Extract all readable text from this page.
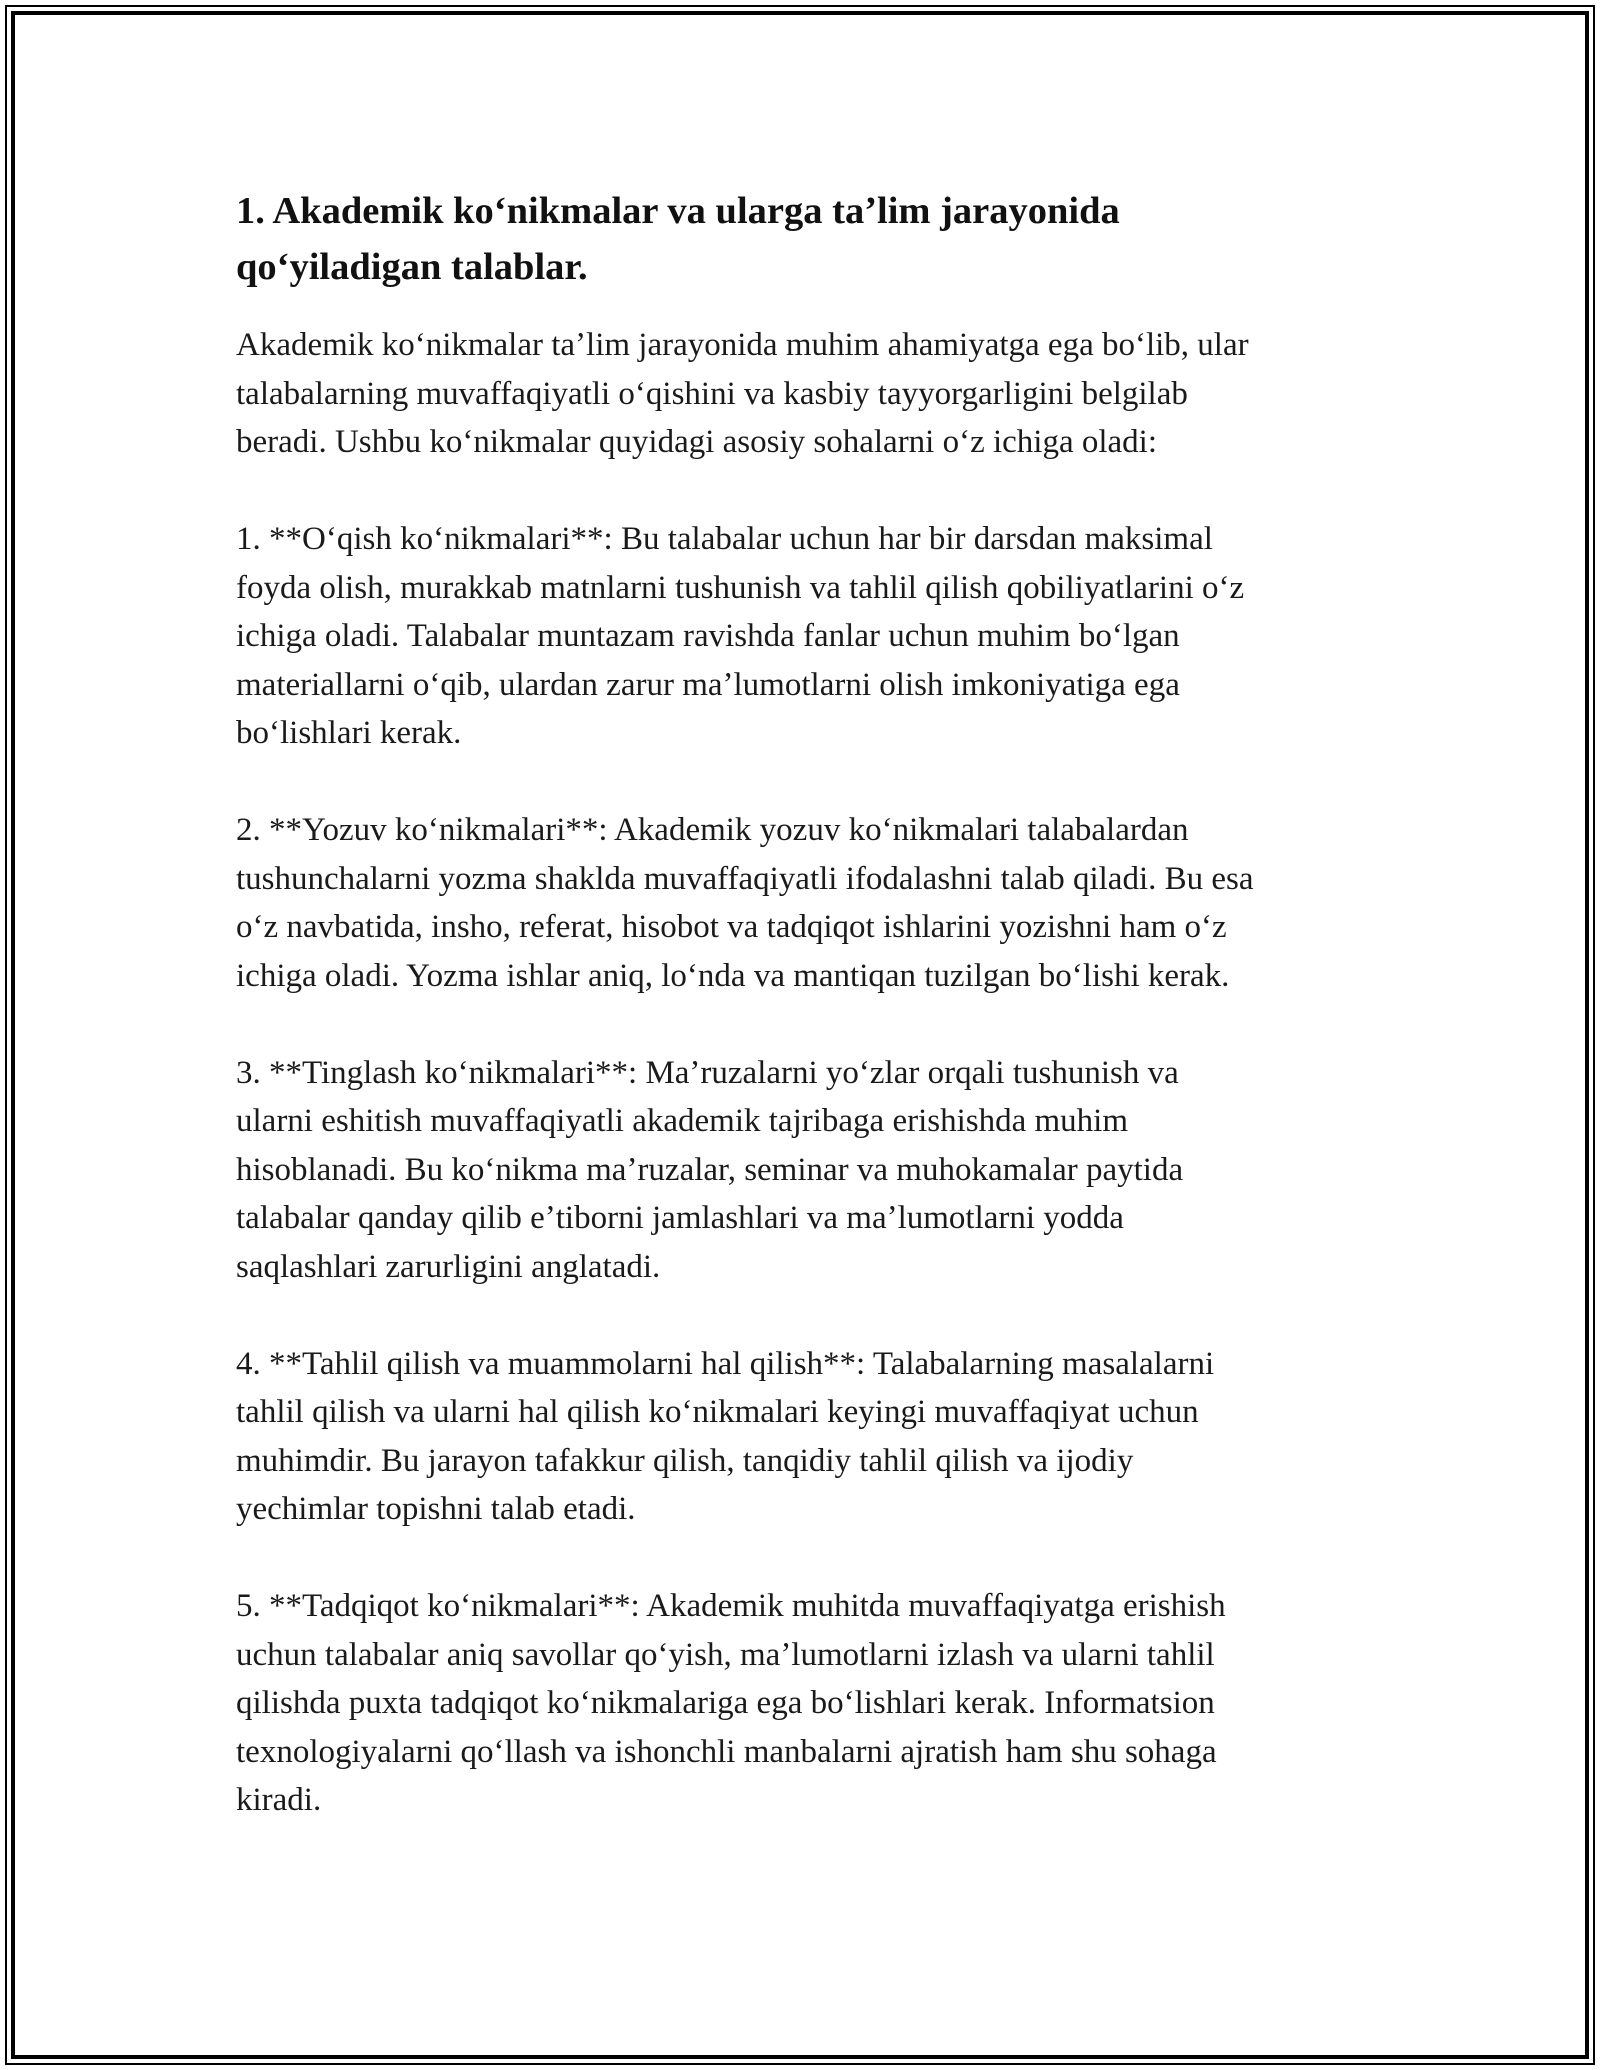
1. Akademik koʻnikmalar va ularga taʼlim jarayonida
qoʻyiladigan talablar.

Akademik koʻnikmalar taʼlim jarayonida muhim ahamiyatga ega boʻlib, ular
talabalarning muvaffaqiyatli oʻqishini va kasbiy tayyorgarligini belgilab
beradi. Ushbu koʻnikmalar quyidagi asosiy sohalarni oʻz ichiga oladi:

1. **Oʻqish koʻnikmalari**: Bu talabalar uchun har bir darsdan maksimal
foyda olish, murakkab matnlarni tushunish va tahlil qilish qobiliyatlarini oʻz
ichiga oladi. Talabalar muntazam ravishda fanlar uchun muhim boʻlgan
materiallarni oʻqib, ulardan zarur maʼlumotlarni olish imkoniyatiga ega
boʻlishlari kerak.

2. **Yozuv koʻnikmalari**: Akademik yozuv koʻnikmalari talabalardan
tushunchalarni yozma shaklda muvaffaqiyatli ifodalashni talab qiladi. Bu esa
oʻz navbatida, insho, referat, hisobot va tadqiqot ishlarini yozishni ham oʻz
ichiga oladi. Yozma ishlar aniq, loʻnda va mantiqan tuzilgan boʻlishi kerak.

3. **Tinglash koʻnikmalari**: Maʼruzalarni yoʻzlar orqali tushunish va
ularni eshitish muvaffaqiyatli akademik tajribaga erishishda muhim
hisoblanadi. Bu koʻnikma maʼruzalar, seminar va muhokamalar paytida
talabalar qanday qilib eʼtiborni jamlashlari va maʼlumotlarni yodda
saqlashlari zarurligini anglatadi.

4. **Tahlil qilish va muammolarni hal qilish**: Talabalarning masalalarni
tahlil qilish va ularni hal qilish koʻnikmalari keyingi muvaffaqiyat uchun
muhimdir. Bu jarayon tafakkur qilish, tanqidiy tahlil qilish va ijodiy
yechimlar topishni talab etadi.

5. **Tadqiqot koʻnikmalari**: Akademik muhitda muvaffaqiyatga erishish
uchun talabalar aniq savollar qoʻyish, maʼlumotlarni izlash va ularni tahlil
qilishda puxta tadqiqot koʻnikmalariga ega boʻlishlari kerak. Informatsion
texnologiyalarni qoʻllash va ishonchli manbalarni ajratish ham shu sohaga
kiradi.
